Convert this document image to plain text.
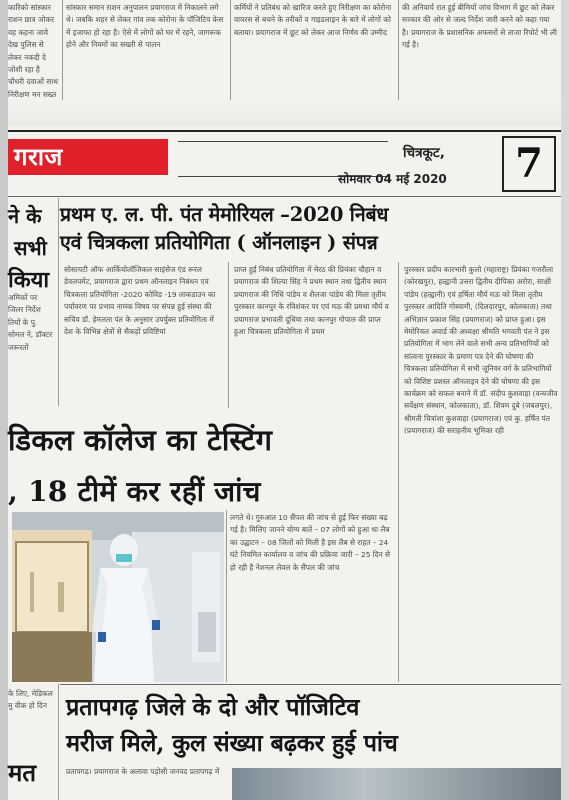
कारिको सांस्कार राशन छात्र जोकर वह कहना जाये देख पुलिस से लेकर नकदी दे जोशी रहा है चौधरी दवाओं साथ निरीक्षण मन सख्त
सांस्कार समान राशन अनुपालन प्रयागराज में निकालने लगे थे। जबकि शहर से लेकर गांव तक कोरोना के पॉजिटिव केस में इजाफा हो रहा है। ऐसे में लोगों को घर में रहने, जागरूक होने और नियमों का सख्ती से पालन
कर्मियों ने प्रतिबंध को खारिज करते हुए निरीक्षण का कोरोना वायरस से बचने के तरीकों व गाइडलाइन के बारे में लोगों को बताया। प्रयागराज में छूट को लेकर आज निर्णय की उम्मीद
की अनिवार्य रात हुई बीमियों जांच विभाग में छूट को लेकर सरकार की ओर से जल्द निर्देश जारी करने को कहा गया है। प्रयागराज के प्रशासनिक अफसरों से ताजा रिपोर्ट भी ली गई है।
गराज	चित्रकूट,
सोमवार 04 मई 2020	7
ने के
सभी
किया
अमिकों पर जिलर निर्देश तियों के पु. सोमल ने, डॉक्टर जरूरतों
प्रथम ए. ल. पी. पंत मेमोरियल –2020 निबंध
एवं चित्रकला प्रतियोगिता ( ऑनलाइन ) संपन्न
सोसायटी ऑफ आर्कियोलॉजिकल साइंसेज एंड रूरल डेवलपमेंट, प्रयागराज द्वारा प्रथम ऑनलाइन निबंधन एवं चित्रकला प्रतियोगिता -2020 कोविड -19 लाकडाउन का पर्यावरण पर प्रभाव नामक विषय पर संपन्न हुई संस्था की सचिव डॉ. हेमलता पंत के अनुसार उपर्युक्त प्रतियोगिता में देश के विभिन्न क्षेत्रों से सैकड़ों प्रविष्टियां
प्राप्त हुईं निबंध प्रतियोगिता में मेरठ की प्रियंका चौहान व प्रयागराज की शिल्पा सिंह ने प्रथम स्थान तथा द्वितीय स्थान प्रयागराज की निधि पांडेय व शैलजा पांडेय की मिला तृतीय पुरस्कार कानपुर के रविशंकर पर एवं मऊ की प्रमथा मौर्य व प्रयागराज प्रभावती दूधिया तथा कानपुर गोपाल की प्राप्त हुआ चित्रकला प्रतियोगिता में प्रथम
पुरस्कार प्रदीप कारभारी कुलो (महाराष्ट्र) प्रियंका गजरौला (कोरखपुर), हल्द्वानी उत्तरा द्वितीय दीपिका अरोरा, साक्षी पांडेय (हल्द्वानी) एवं हर्षिता मौर्य मऊ को मिला तृतीय पुरस्कार आदिति गोस्वामी, (दिलदारपुर, कोलकाता) तथा अभिज्ञान प्रकाश सिंह (प्रयागराज) को प्राप्त हुआ। इस मेमोरियल अवार्ड की अध्यक्षा श्रीमति भगवती पंत ने इस प्रतियोगिता में भाग लेने वाले सभी अन्य प्रतिभागियों को सांत्वना पुरस्कार के प्रमाण पत्र देने की घोषणा की चित्रकला प्रतियोगिता में सभी जूनियर वर्ग के प्रतिभागियों को विशिष्ट प्रशस्त ऑनलाइन देने की घोषणा की इस कार्यक्रम को सफल बनाने में डॉ. संदीप कुशवाहा (वन्यजीव सर्वेक्षण संस्थान, कोलकाता), डॉ. शिवम दुबे (जबलपुर), श्रीमती चित्रांशा कुशवाहा (प्रयागराज) एवं कु. हर्षित पंत (प्रयागराज) की सराहनीय भूमिका रही
डिकल कॉलेज का टेस्टिंग
, 18 टीमें कर रहीं जांच
लगते थे। गुरुआत 10 सैंपल की जांच से हुई फिर संख्या बढ़ गई है। मिलिए जानने योग्य बातें – 07 लोगों को हुआ था लैब का उद्घाटन – 08 जिलों को मिली है इस लैब से राहत – 24 घंटे नियमित कार्यालय व जांच की प्रक्रिया जारी – 25 दिन से हो रही है नेशनल लेवल के सैंपल की जांच
के लिए, मेडिकल मु वीक हो दिन
मत
प्रतापगढ़ जिले के दो और पॉजिटिव
मरीज मिले, कुल संख्या बढ़कर हुई पांच
प्रतापगढ़। प्रयागराज के अलावा पड़ोसी जनपद प्रतापगढ़ में
